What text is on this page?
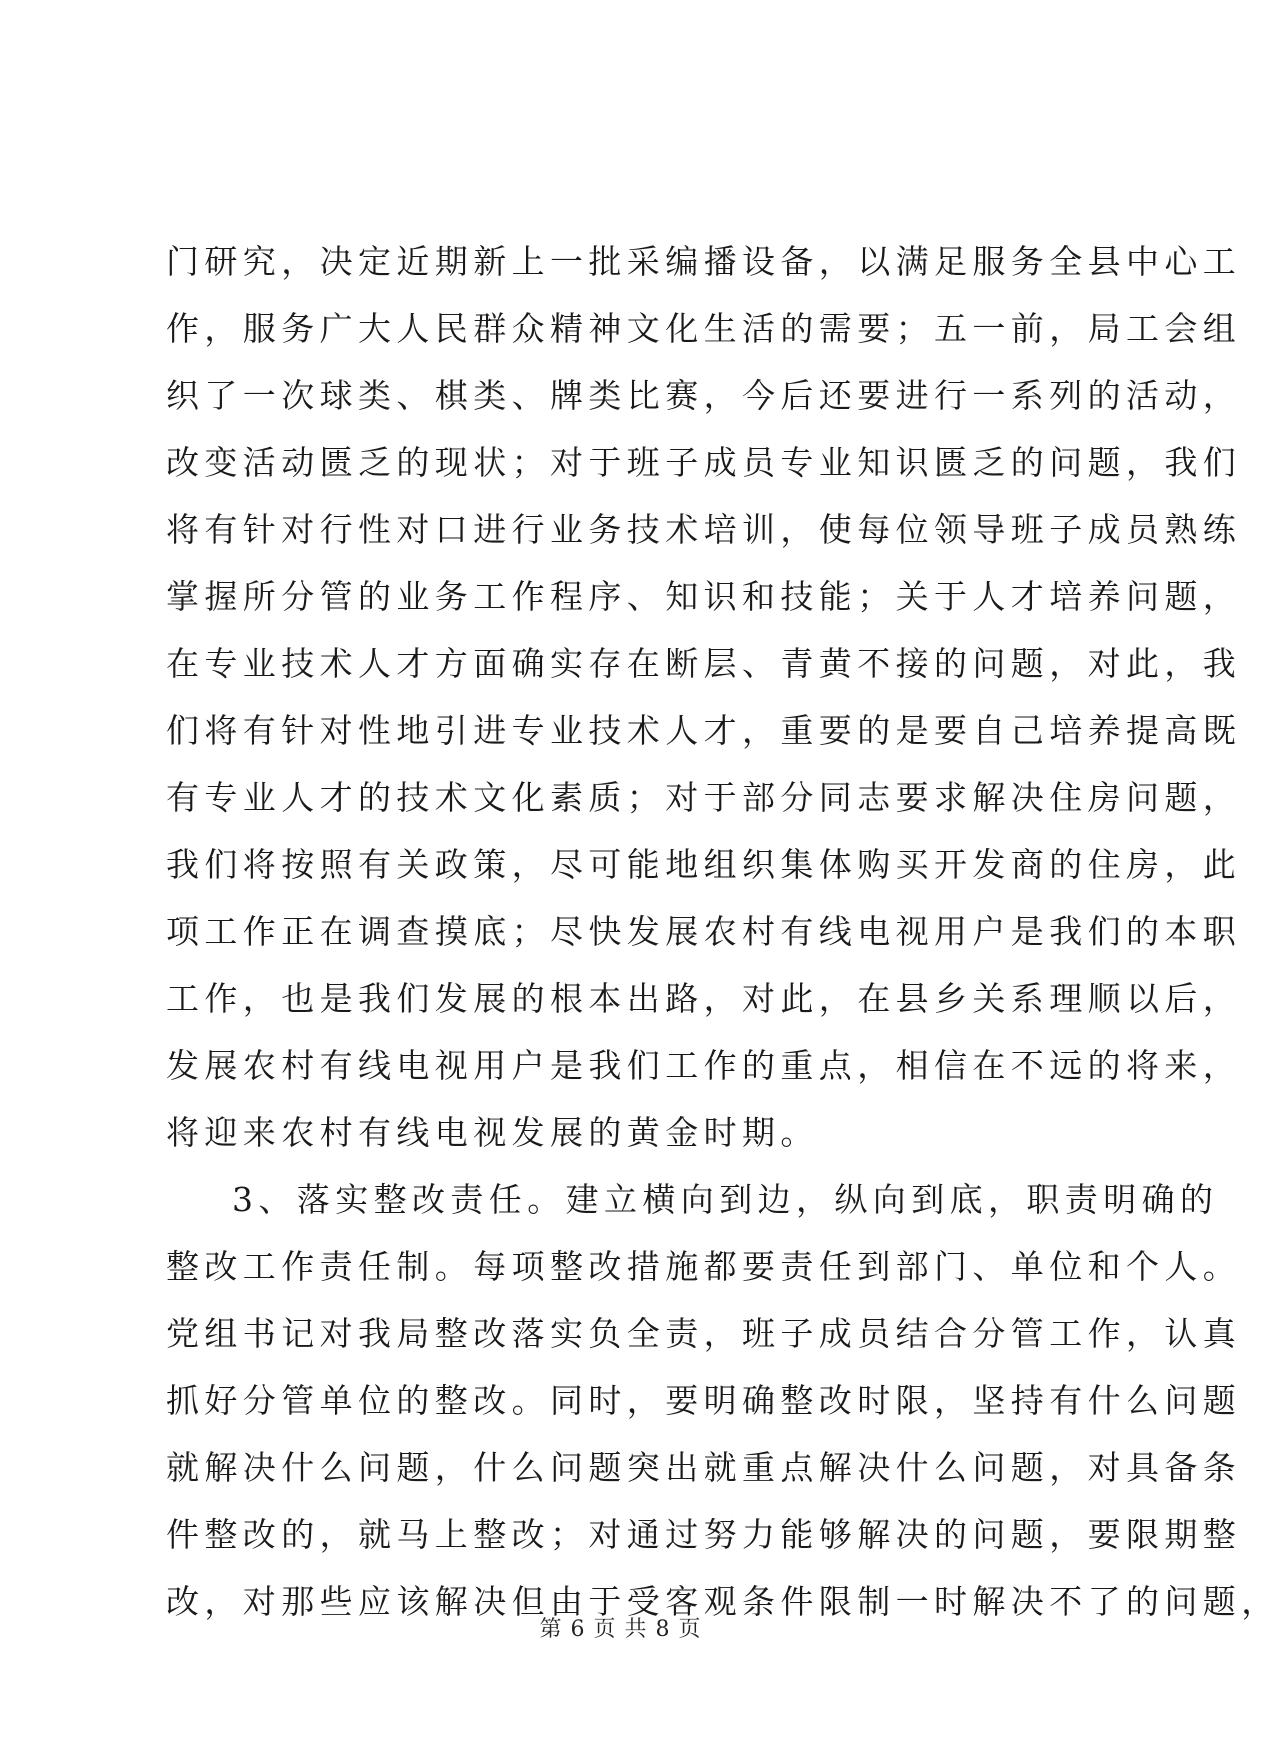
门研究，决定近期新上一批采编播设备，以满足服务全县中心工
作，服务广大人民群众精神文化生活的需要；五一前，局工会组
织了一次球类、棋类、牌类比赛，今后还要进行一系列的活动，
改变活动匮乏的现状；对于班子成员专业知识匮乏的问题，我们
将有针对行性对口进行业务技术培训，使每位领导班子成员熟练
掌握所分管的业务工作程序、知识和技能；关于人才培养问题，
在专业技术人才方面确实存在断层、青黄不接的问题，对此，我
们将有针对性地引进专业技术人才，重要的是要自己培养提高既
有专业人才的技术文化素质；对于部分同志要求解决住房问题，
我们将按照有关政策，尽可能地组织集体购买开发商的住房，此
项工作正在调查摸底；尽快发展农村有线电视用户是我们的本职
工作，也是我们发展的根本出路，对此，在县乡关系理顺以后，
发展农村有线电视用户是我们工作的重点，相信在不远的将来，
将迎来农村有线电视发展的黄金时期。
3、落实整改责任。建立横向到边，纵向到底，职责明确的
整改工作责任制。每项整改措施都要责任到部门、单位和个人。
党组书记对我局整改落实负全责，班子成员结合分管工作，认真
抓好分管单位的整改。同时，要明确整改时限，坚持有什么问题
就解决什么问题，什么问题突出就重点解决什么问题，对具备条
件整改的，就马上整改；对通过努力能够解决的问题，要限期整
改，对那些应该解决但由于受客观条件限制一时解决不了的问题，
第 6 页 共 8 页
